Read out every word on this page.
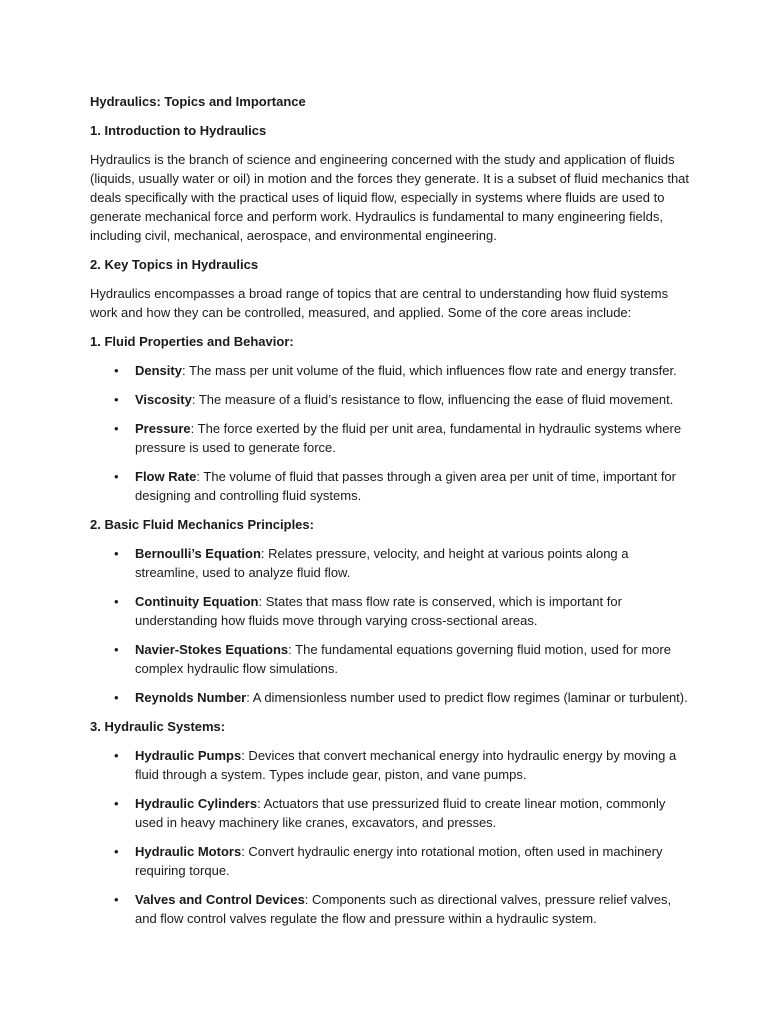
Hydraulics: Topics and Importance

1. Introduction to Hydraulics

Hydraulics is the branch of science and engineering concerned with the study and application of fluids (liquids, usually water or oil) in motion and the forces they generate. It is a subset of fluid mechanics that deals specifically with the practical uses of liquid flow, especially in systems where fluids are used to generate mechanical force and perform work. Hydraulics is fundamental to many engineering fields, including civil, mechanical, aerospace, and environmental engineering.

2. Key Topics in Hydraulics

Hydraulics encompasses a broad range of topics that are central to understanding how fluid systems work and how they can be controlled, measured, and applied. Some of the core areas include:

1. Fluid Properties and Behavior:

• Density: The mass per unit volume of the fluid, which influences flow rate and energy transfer.
• Viscosity: The measure of a fluid’s resistance to flow, influencing the ease of fluid movement.
• Pressure: The force exerted by the fluid per unit area, fundamental in hydraulic systems where pressure is used to generate force.
• Flow Rate: The volume of fluid that passes through a given area per unit of time, important for designing and controlling fluid systems.

2. Basic Fluid Mechanics Principles:

• Bernoulli’s Equation: Relates pressure, velocity, and height at various points along a streamline, used to analyze fluid flow.
• Continuity Equation: States that mass flow rate is conserved, which is important for understanding how fluids move through varying cross-sectional areas.
• Navier-Stokes Equations: The fundamental equations governing fluid motion, used for more complex hydraulic flow simulations.
• Reynolds Number: A dimensionless number used to predict flow regimes (laminar or turbulent).

3. Hydraulic Systems:

• Hydraulic Pumps: Devices that convert mechanical energy into hydraulic energy by moving a fluid through a system. Types include gear, piston, and vane pumps.
• Hydraulic Cylinders: Actuators that use pressurized fluid to create linear motion, commonly used in heavy machinery like cranes, excavators, and presses.
• Hydraulic Motors: Convert hydraulic energy into rotational motion, often used in machinery requiring torque.
• Valves and Control Devices: Components such as directional valves, pressure relief valves, and flow control valves regulate the flow and pressure within a hydraulic system.
